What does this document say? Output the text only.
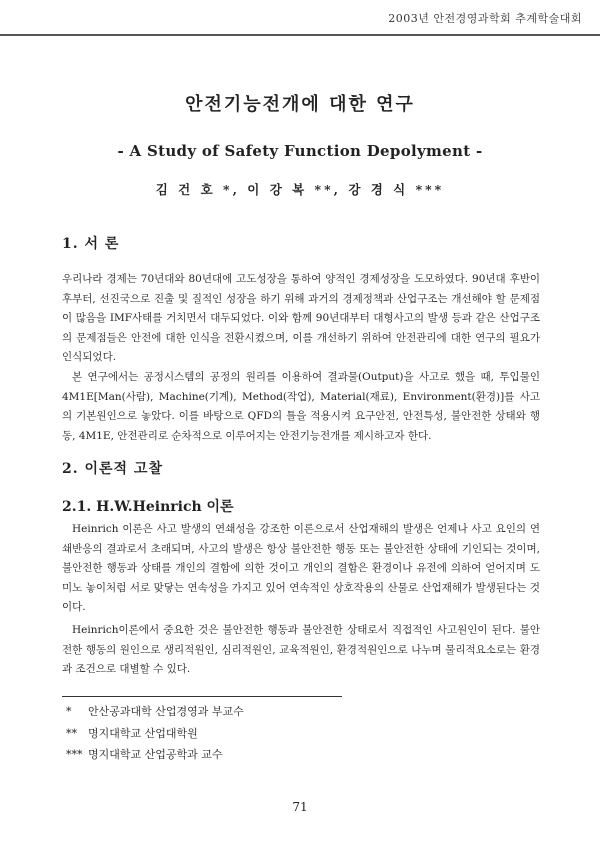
2003년 안전경영과학회 추계학술대회
안전기능전개에 대한 연구
- A Study of Safety Function Depolyment -
김 건 호 *, 이 강 복 **, 강 경 식 ***
1. 서 론

우리나라 경제는 70년대와 80년대에 고도성장을 통하여 양적인 경제성장을 도모하였다. 90년대 후반이후부터, 선진국으로 진출 및 질적인 성장을 하기 위해 과거의 경제정책과 산업구조는 개선해야 할 문제점이 많음을 IMF사태를 거치면서 대두되었다. 이와 함께 90년대부터 대형사고의 발생 등과 같은 산업구조의 문제점들은 안전에 대한 인식을 전환시켰으며, 이를 개선하기 위하여 안전관리에 대한 연구의 필요가 인식되었다.

본 연구에서는 공정시스템의 공정의 원리를 이용하여 결과물(Output)을 사고로 했을 때, 투입물인 4M1E[Man(사람), Machine(기계), Method(작업), Material(재료), Environment(환경)]를 사고의 기본원인으로 놓았다. 이를 바탕으로 QFD의 틀을 적용시켜 요구안전, 안전특성, 불안전한 상태와 행동, 4M1E, 안전관리로 순차적으로 이루어지는 안전기능전개를 제시하고자 한다.

2. 이론적 고찰
2.1. H.W.Heinrich 이론

Heinrich 이론은 사고 발생의 연쇄성을 강조한 이론으로서 산업재해의 발생은 언제나 사고 요인의 연쇄반응의 결과로서 초래되며, 사고의 발생은 항상 불안전한 행동 또는 불안전한 상태에 기인되는 것이며, 불안전한 행동과 상태를 개인의 결함에 의한 것이고 개인의 결함은 환경이나 유전에 의하여 얻어지며 도미노 놓이처럼 서로 맞닿는 연속성을 가지고 있어 연속적인 상호작용의 산물로 산업재해가 발생된다는 것이다.

Heinrich이론에서 중요한 것은 불안전한 행동과 불안전한 상태로서 직접적인 사고원인이 된다. 불안전한 행동의 원인으로 생리적원인, 심리적원인, 교육적원인, 환경적원인으로 나누며 물리적요소로는 환경과 조건으로 대별할 수 있다.

*	안산공과대학 산업경영과 부교수
**	명지대학교 산업대학원
*** 명지대학교 산업공학과 교수
71
